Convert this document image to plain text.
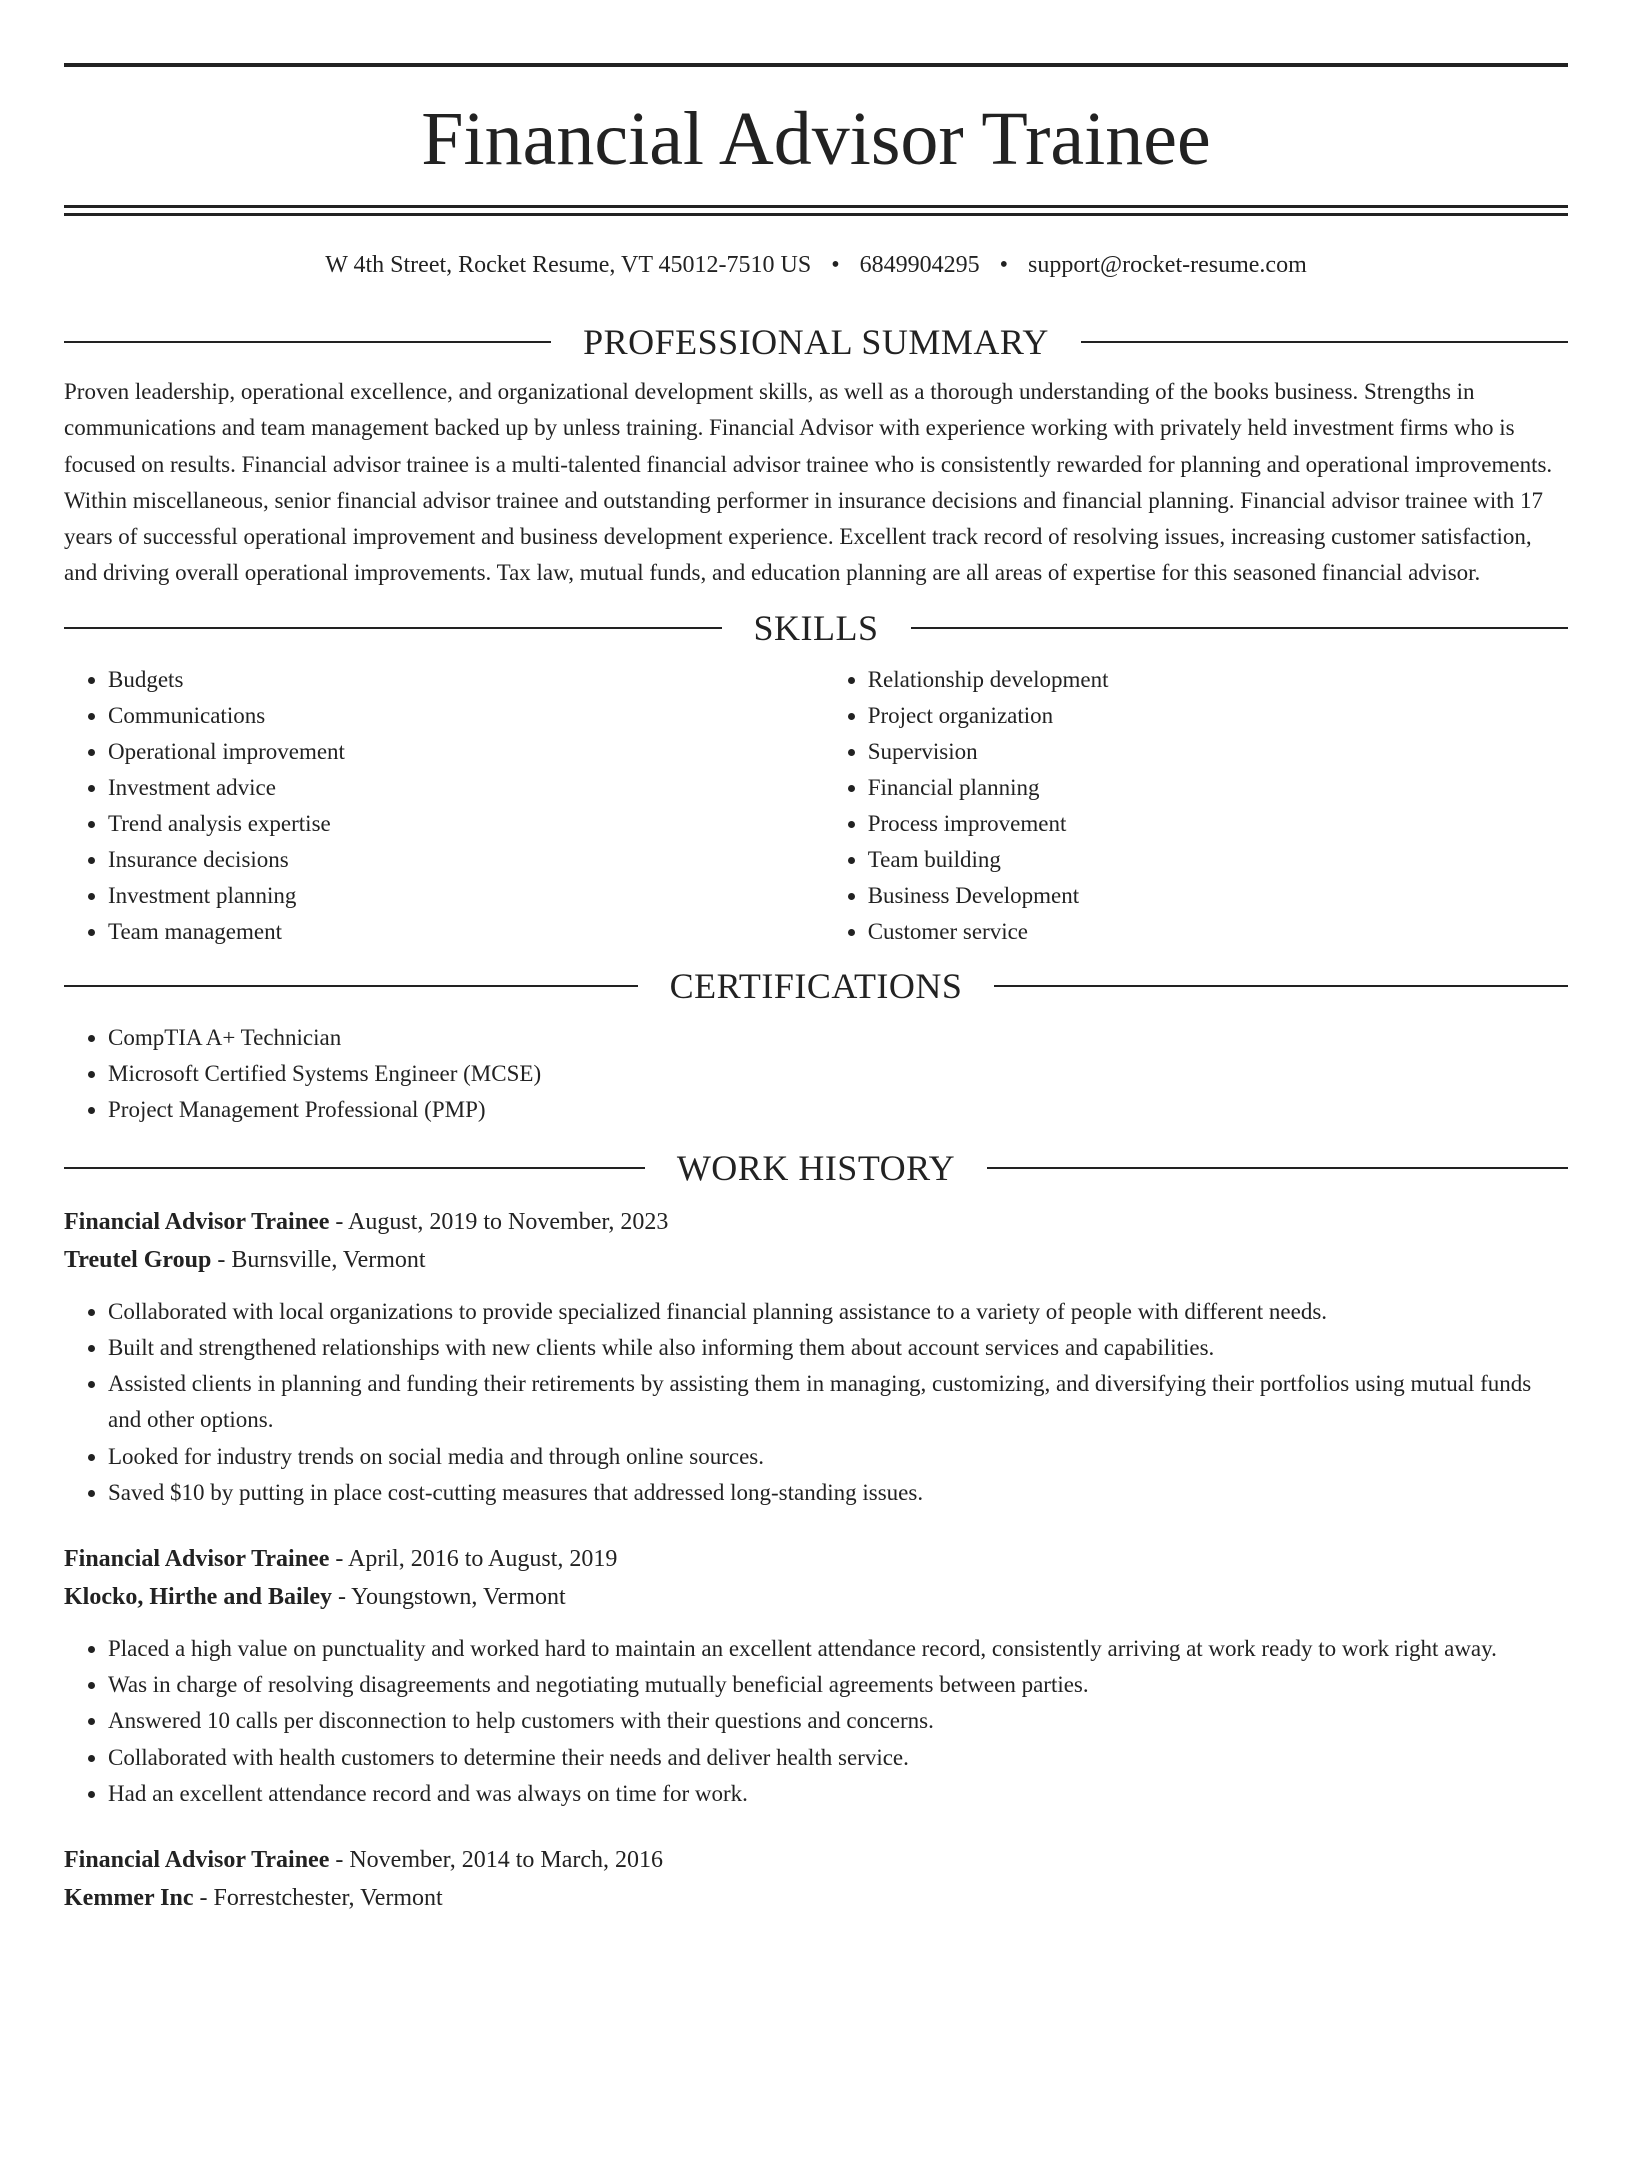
Financial Advisor Trainee
W 4th Street, Rocket Resume, VT 45012-7510 US • 6849904295 • support@rocket-resume.com
PROFESSIONAL SUMMARY

Proven leadership, operational excellence, and organizational development skills, as well as a thorough understanding of the books business. Strengths in communications and team management backed up by unless training. Financial Advisor with experience working with privately held investment firms who is focused on results. Financial advisor trainee is a multi-talented financial advisor trainee who is consistently rewarded for planning and operational improvements. Within miscellaneous, senior financial advisor trainee and outstanding performer in insurance decisions and financial planning. Financial advisor trainee with 17 years of successful operational improvement and business development experience. Excellent track record of resolving issues, increasing customer satisfaction, and driving overall operational improvements. Tax law, mutual funds, and education planning are all areas of expertise for this seasoned financial advisor.

SKILLS
• Budgets
• Communications
• Operational improvement
• Investment advice
• Trend analysis expertise
• Insurance decisions
• Investment planning
• Team management
• Relationship development
• Project organization
• Supervision
• Financial planning
• Process improvement
• Team building
• Business Development
• Customer service
CERTIFICATIONS
• CompTIA A+ Technician
• Microsoft Certified Systems Engineer (MCSE)
• Project Management Professional (PMP)
WORK HISTORY
Financial Advisor Trainee - August, 2019 to November, 2023
Treutel Group - Burnsville, Vermont
• Collaborated with local organizations to provide specialized financial planning assistance to a variety of people with different needs.
• Built and strengthened relationships with new clients while also informing them about account services and capabilities.
• Assisted clients in planning and funding their retirements by assisting them in managing, customizing, and diversifying their portfolios using mutual funds and other options.
• Looked for industry trends on social media and through online sources.
• Saved $10 by putting in place cost-cutting measures that addressed long-standing issues.
Financial Advisor Trainee - April, 2016 to August, 2019
Klocko, Hirthe and Bailey - Youngstown, Vermont
• Placed a high value on punctuality and worked hard to maintain an excellent attendance record, consistently arriving at work ready to work right away.
• Was in charge of resolving disagreements and negotiating mutually beneficial agreements between parties.
• Answered 10 calls per disconnection to help customers with their questions and concerns.
• Collaborated with health customers to determine their needs and deliver health service.
• Had an excellent attendance record and was always on time for work.
Financial Advisor Trainee - November, 2014 to March, 2016
Kemmer Inc - Forrestchester, Vermont
